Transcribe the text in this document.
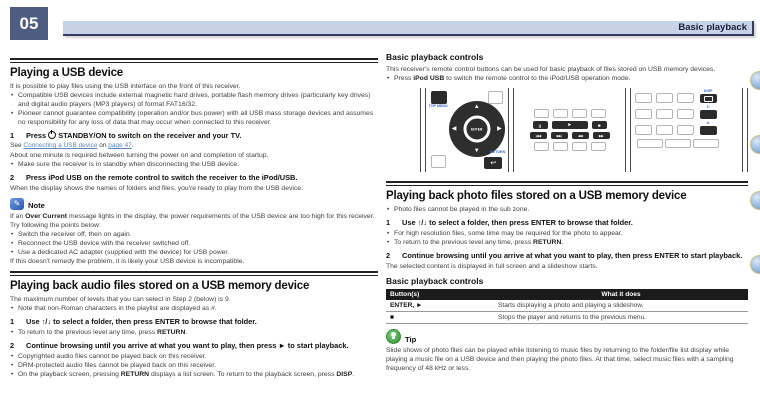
05	Basic playback
Playing a USB device

It is possible to play files using the USB interface on the front of this receiver.

• Compatible USB devices include external magnetic hard drives, portable flash memory drives (particularly key drives) and digital audio players (MP3 players) of format FAT16/32.
• Pioneer cannot guarantee compatibility (operation and/or bus power) with all USB mass storage devices and assumes no responsibility for any loss of data that may occur when connected to this receiver.

1 Press  STANDBY/ON to switch on the receiver and your TV.

See Connecting a USB device on page 47.

About one minute is required between turning the power on and completion of startup.

• Make sure the receiver is in standby when disconnecting the USB device.

2 Press iPod USB on the remote control to switch the receiver to the iPod/USB.

When the display shows the names of folders and files, you're ready to play from the USB device.

✎	Note

If an Over Current message lights in the display, the power requirements of the USB device are too high for this receiver. Try following the points below:

• Switch the receiver off, then on again.
• Reconnect the USB device with the receiver switched off.
• Use a dedicated AC adapter (supplied with the device) for USB power.

If this doesn't remedy the problem, it is likely your USB device is incompatible.

Playing back audio files stored on a USB memory device

The maximum number of levels that you can select in Step 2 (below) is 9.

• Note that non-Roman characters in the playlist are displayed as #.

1 Use ↑/↓ to select a folder, then press ENTER to browse that folder.

• To return to the previous level any time, press RETURN.

2 Continue browsing until you arrive at what you want to play, then press ► to start playback.

• Copyrighted audio files cannot be played back on this receiver.
• DRM-protected audio files cannot be played back on this receiver.
• On the playback screen, pressing RETURN displays a list screen. To return to the playback screen, press DISP.
Basic playback controls

This receiver's remote control buttons can be used for basic playback of files stored on USB memory devices.

• Press iPod USB to switch the remote control to the iPod/USB operation mode.
TOP MENU	▲
▼
◀	▶
ENTER
RETURN
↩
||	►	■
|◀◀	▶▶|	◀◀	▶▶
DISP
↻
⇄
Playing back photo files stored on a USB memory device
• Photo files cannot be played in the sub zone.

1 Use ↑/↓ to select a folder, then press ENTER to browse that folder.

• For high resolution files, some time may be required for the photo to appear.
• To return to the previous level any time, press RETURN.

2 Continue browsing until you arrive at what you want to play, then press ENTER to start playback.

The selected content is displayed in full screen and a slideshow starts.

Basic playback controls
Button(s)	What it does
ENTER, ►	Starts displaying a photo and playing a slideshow.
■	Stops the player and returns to the previous menu.
Tip

Slide shows of photo files can be played while listening to music files by returning to the folder/file list display while playing a music file on a USB device and then playing the photo files. At that time, select music files with a sampling frequency of 48 kHz or less.
